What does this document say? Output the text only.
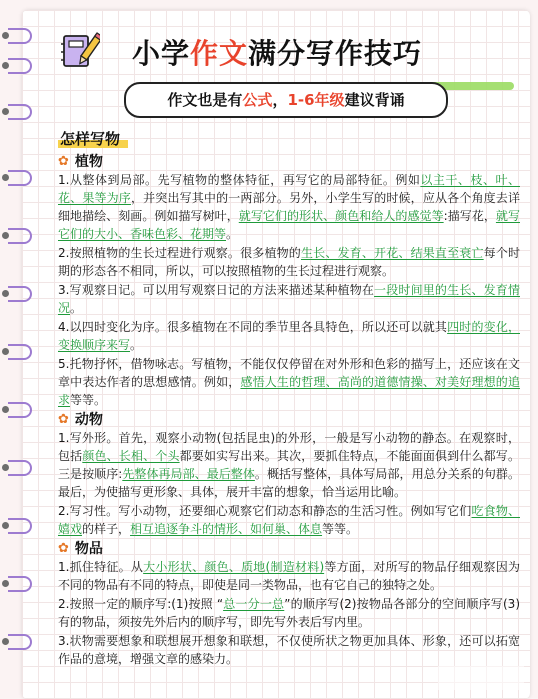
小学作文满分写作技巧
作文也是有公式，1-6年级建议背诵
怎样写物
✿ 植物

1.从整体到局部。先写植物的整体特征，再写它的局部特征。例如以主干、枝、叶、花、果等为序，并突出写其中的一两部分。另外，小学生写的时候，应从各个角度去详细地描绘、刻画。例如描写树叶，就写它们的形状、颜色和给人的感觉等:描写花，就写它们的大小、香味色彩、花期等。

2.按照植物的生长过程进行观察。很多植物的生长、发育、开花、结果直至衰亡每个时期的形态各不相同，所以，可以按照植物的生长过程进行观察。

3.写观察日记。可以用写观察日记的方法来描述某种植物在一段时间里的生长、发育情况。

4.以四时变化为序。很多植物在不同的季节里各具特色，所以还可以就其四时的变化，变换顺序来写。

5.托物抒怀，借物咏志。写植物，不能仅仅停留在对外形和色彩的描写上，还应该在文章中表达作者的思想感情。例如，感悟人生的哲理、高尚的道德情操、对美好理想的追求等等。

✿ 动物

1.写外形。首先，观察小动物(包括昆虫)的外形，一般是写小动物的静态。在观察时，包括颜色、长相、个头都要如实写出来。其次，要抓住特点，不能面面俱到什么都写。三是按顺序:先整体再局部、最后整体。概括写整体，具体写局部，用总分关系的句群。最后，为使描写更形象、具体，展开丰富的想象，恰当运用比喻。

2.写习性。写小动物，还要细心观察它们动态和静态的生活习性。例如写它们吃食物、嬉戏的样子，相互追逐争斗的情形、如何巢、体息等等。

✿ 物品

1.抓住特征。从大小形状、颜色、质地(制造材料)等方面，对所写的物品仔细观察因为不同的物品有不同的特点，即使是同一类物品，也有它自己的独特之处。

2.按照一定的顺序写:(1)按照 “总一分一总”的顺序写(2)按物品各部分的空间顺序写(3)有的物品，须按先外后内的顺序写，即先写外表后写内里。

3.状物需要想象和联想展开想象和联想，不仅使所状之物更加具体、形象，还可以拓宽作品的意境，增强文章的感染力。
